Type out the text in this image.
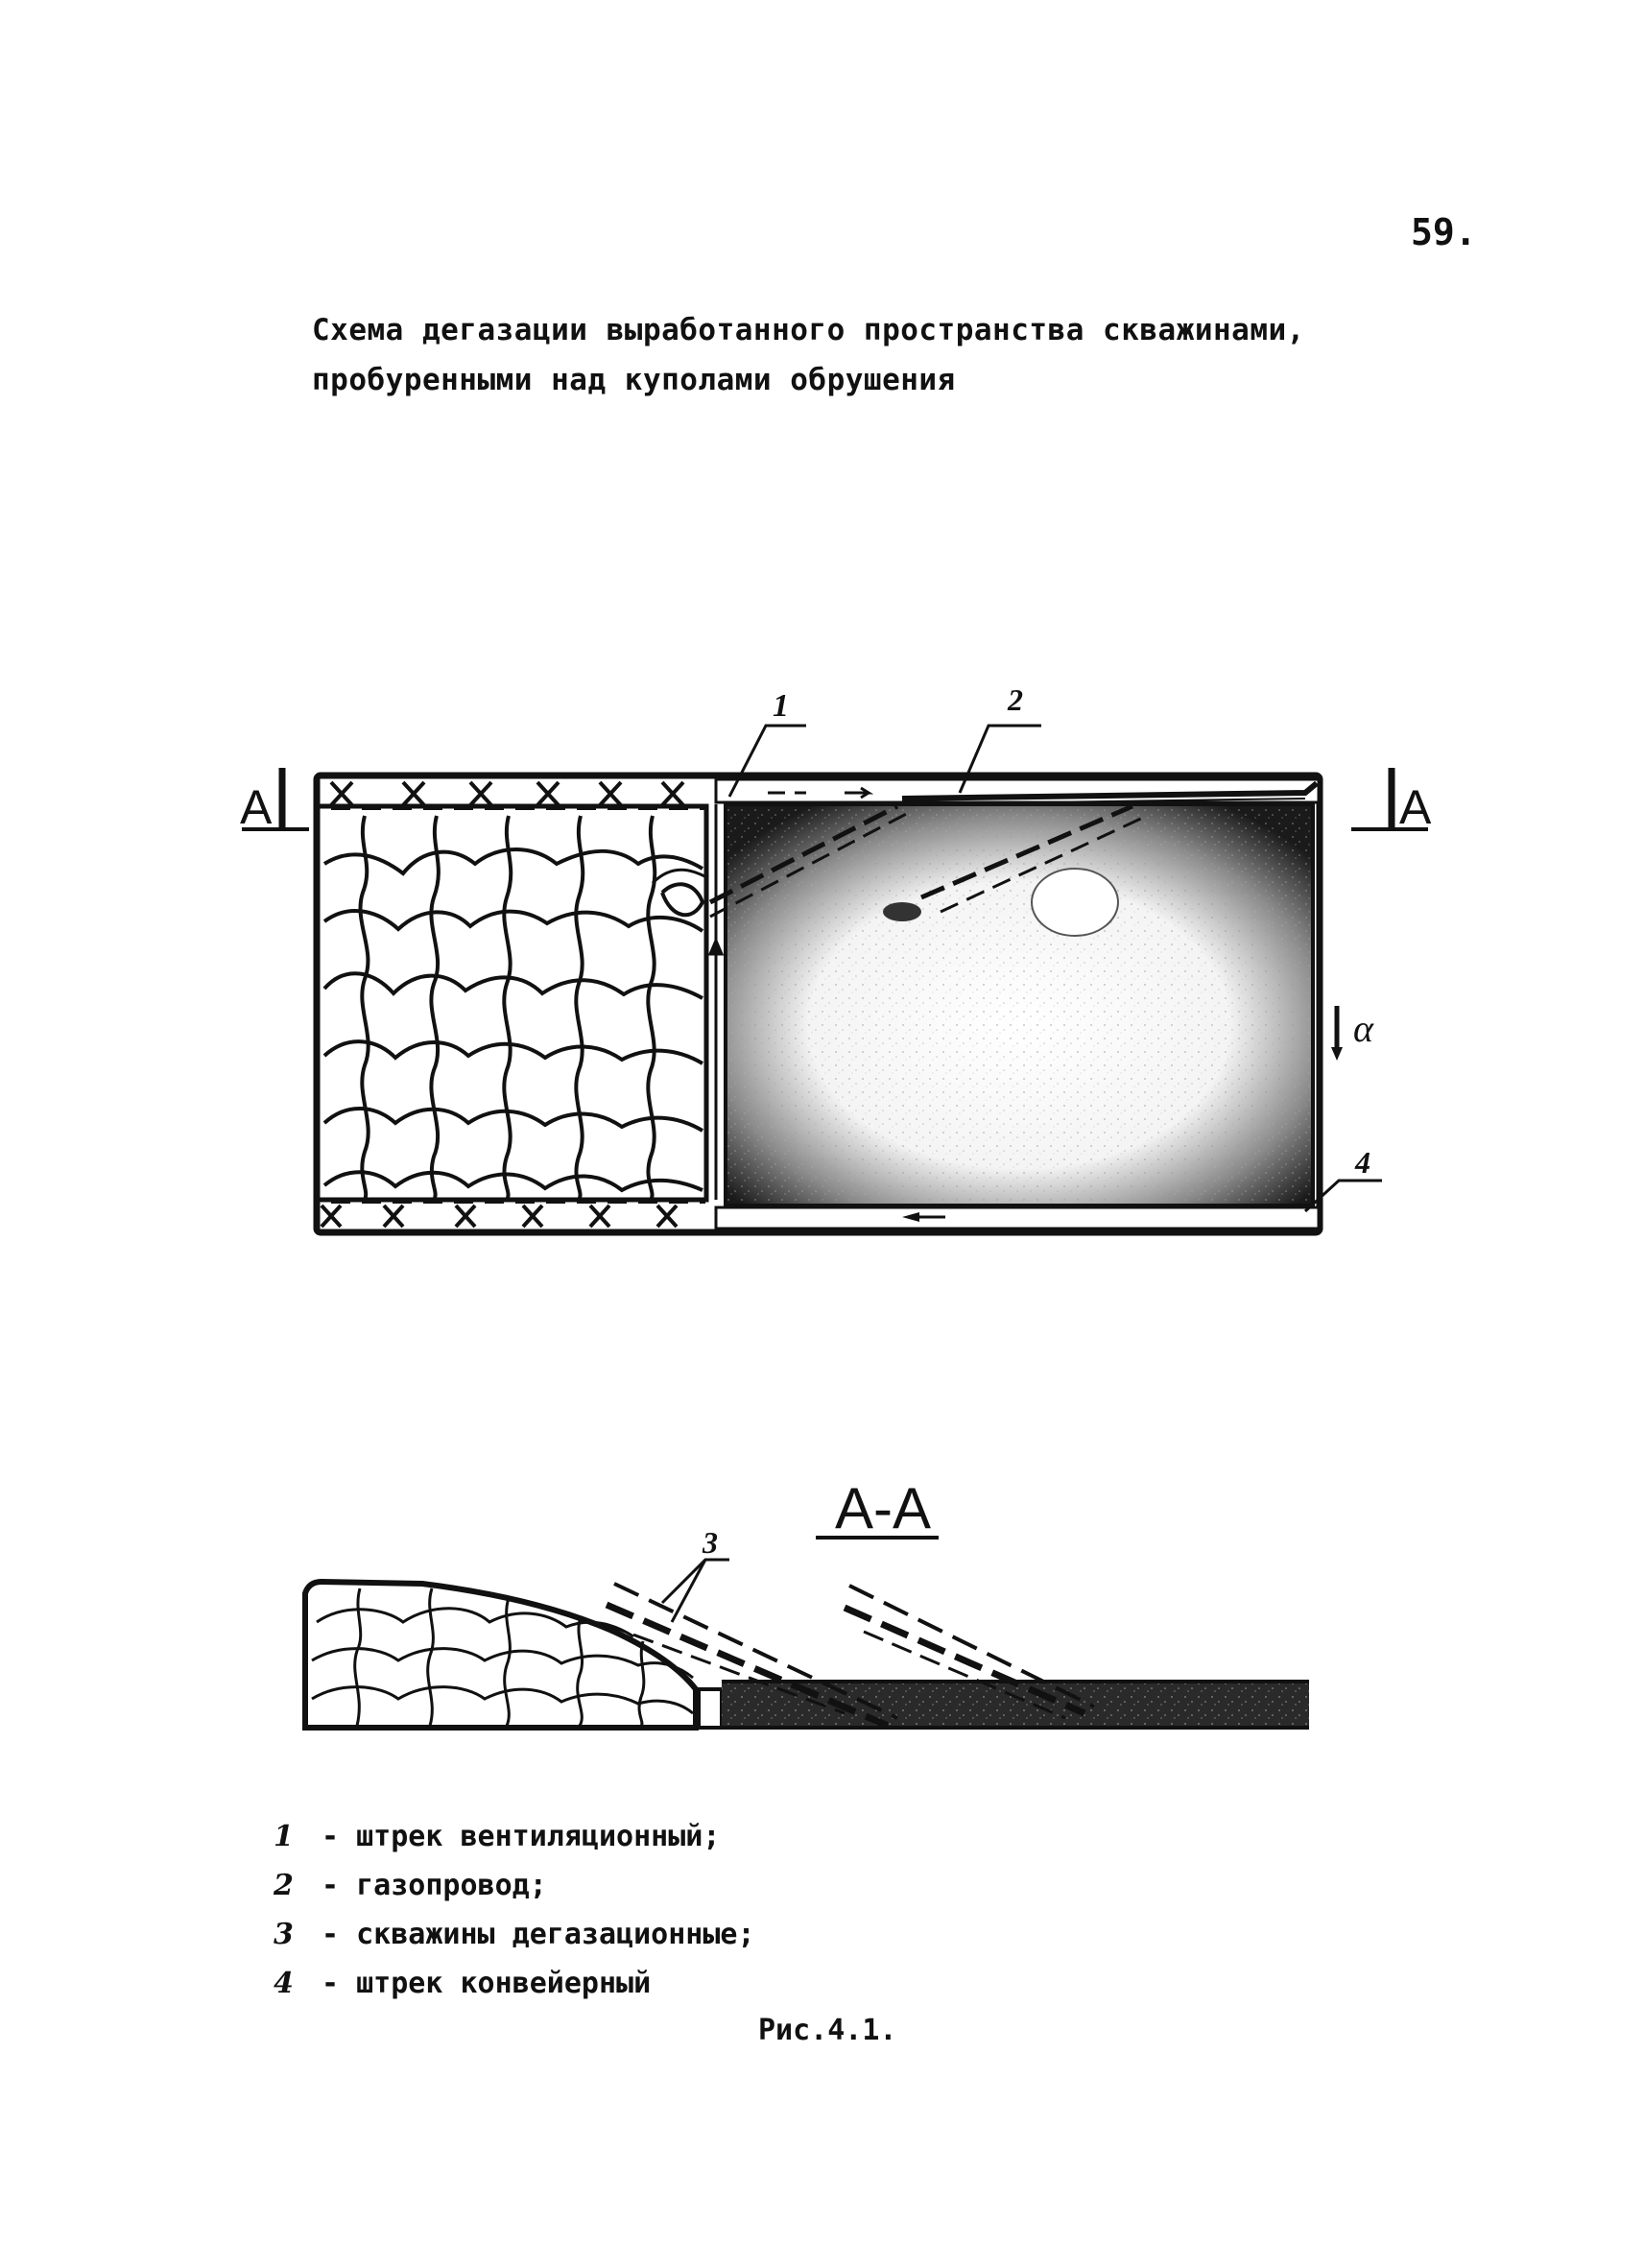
59.
Схема дегазации выработанного пространства скважинами,
пробуренными над куполами обрушения
1	2
4
α
А	А
А-А
3
1 - штрек вентиляционный;
2 - газопровод;
3 - скважины дегазационные;
4 - штрек конвейерный
Рис.4.1.
